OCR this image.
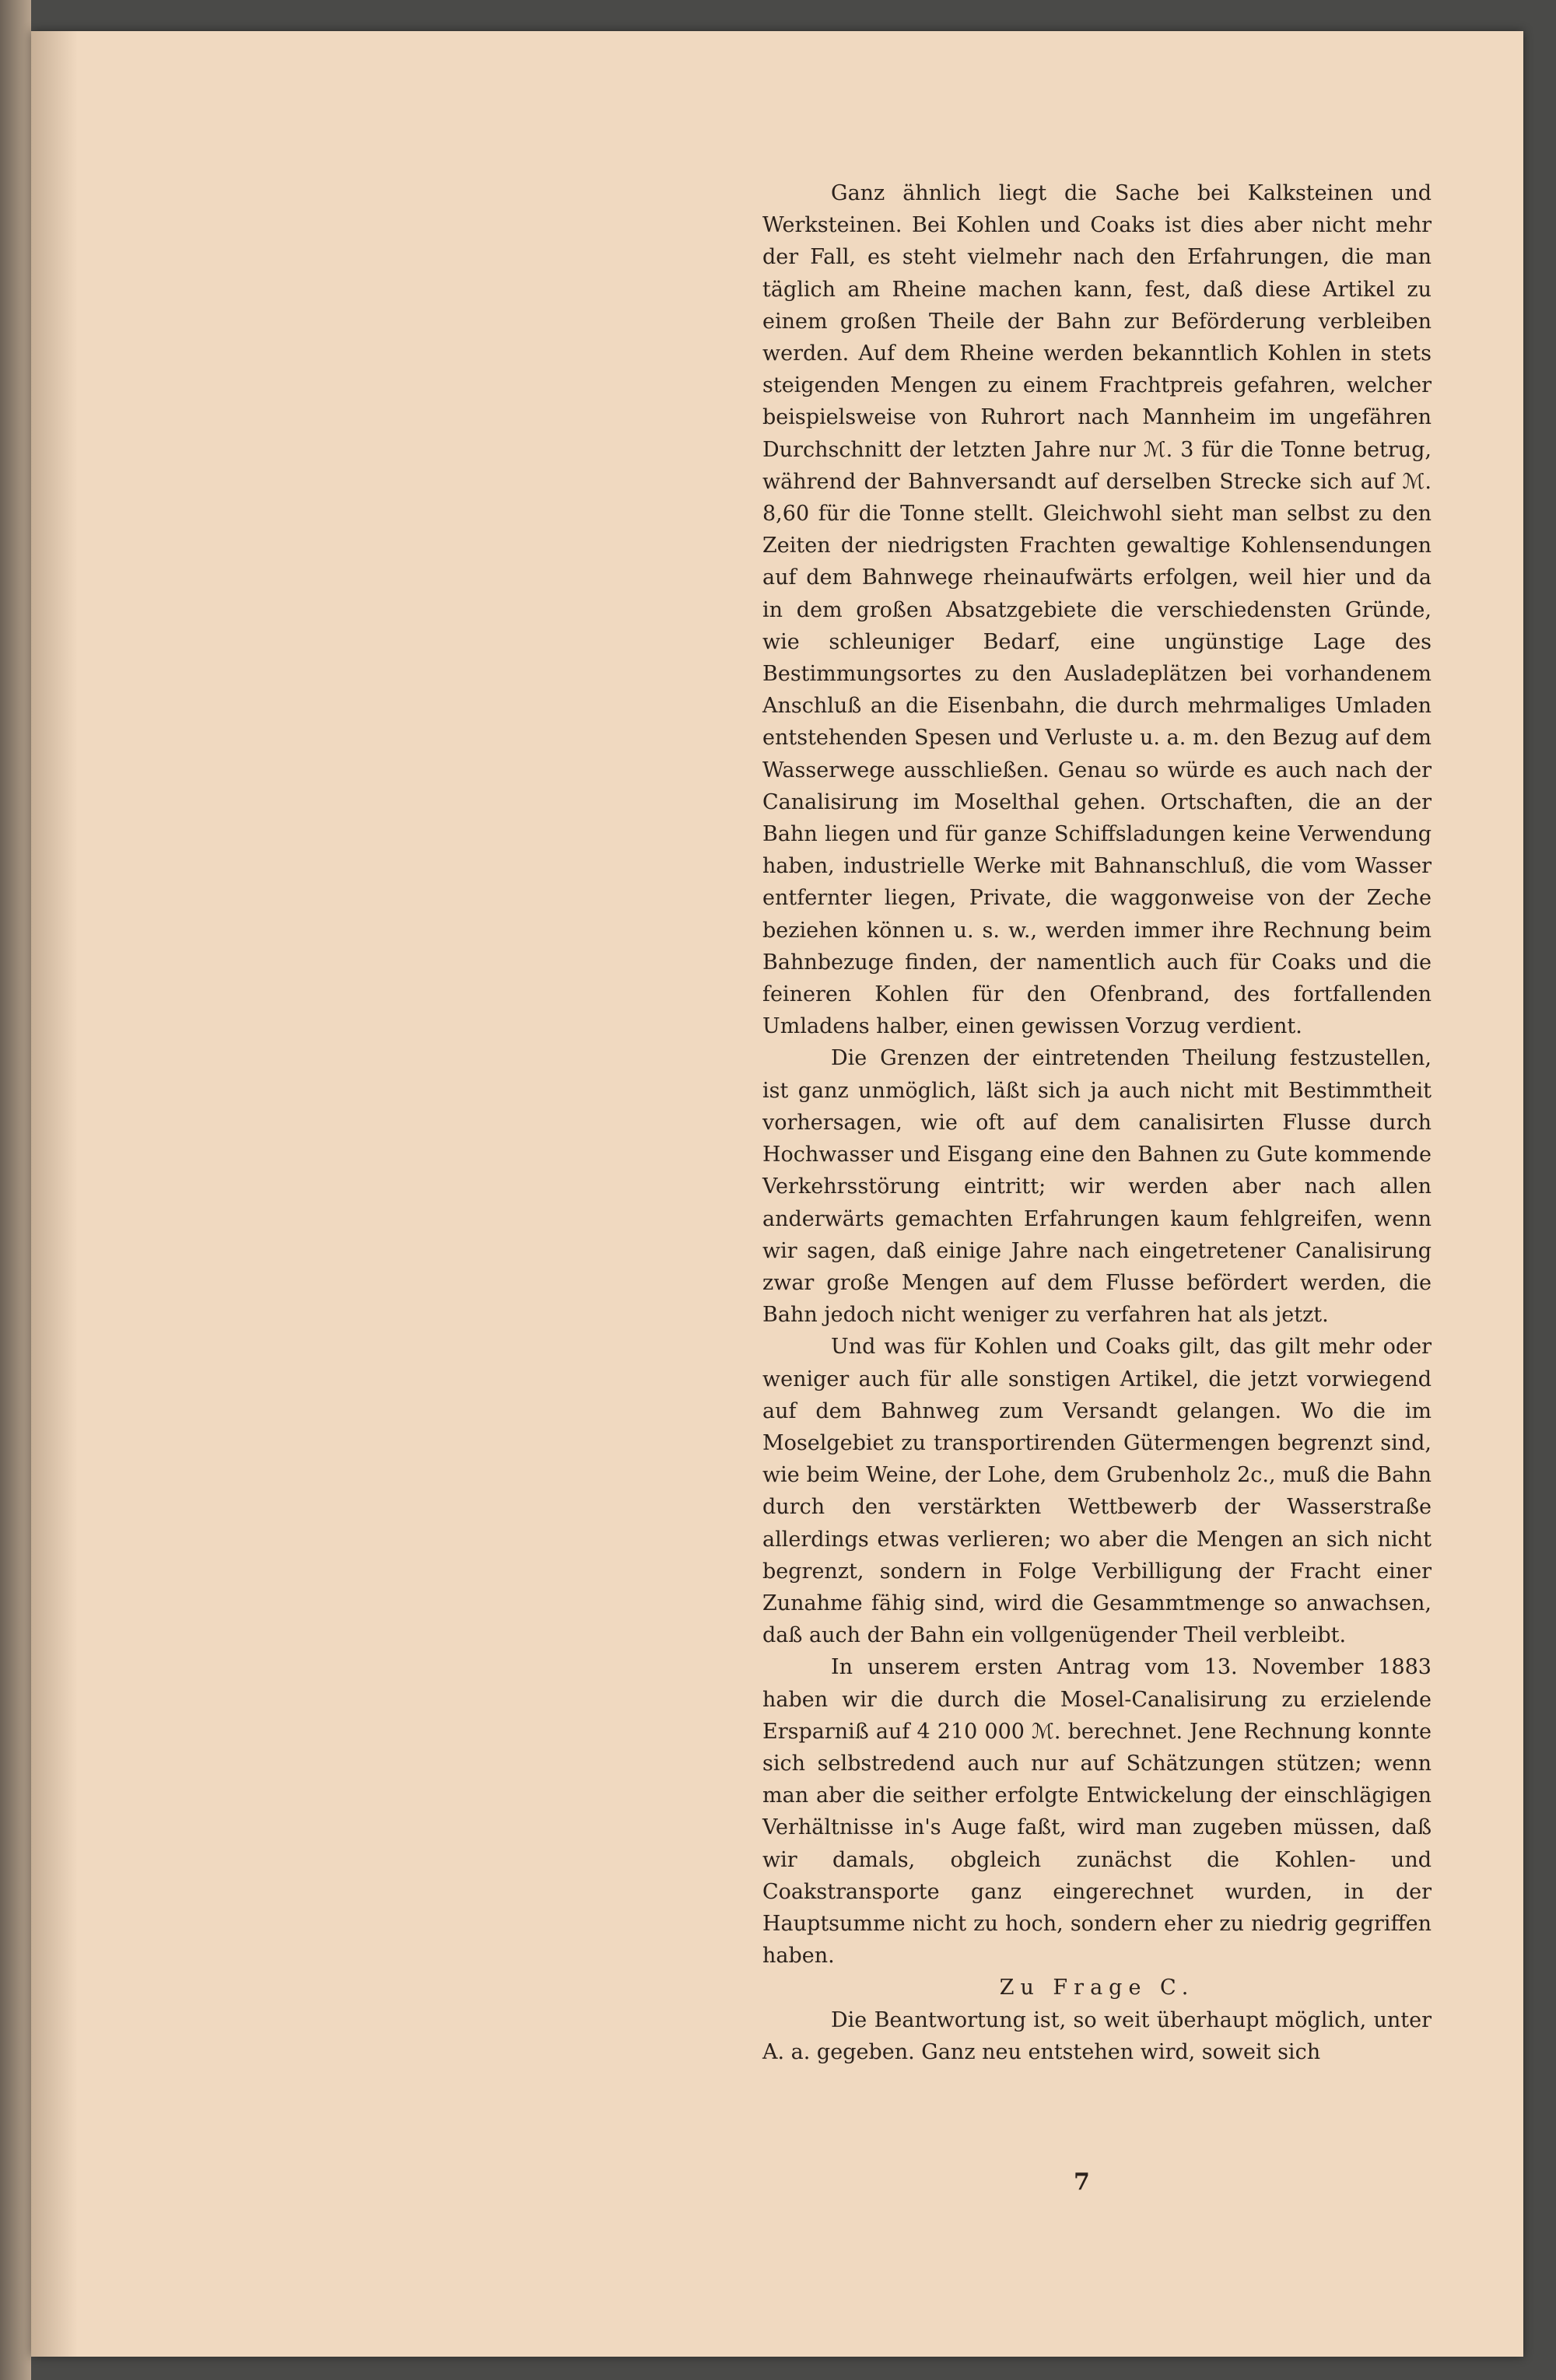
Ganz ähnlich liegt die Sache bei Kalksteinen und Werksteinen. Bei Kohlen und Coaks ist dies aber nicht mehr der Fall, es steht vielmehr nach den Erfahrungen, die man täglich am Rheine machen kann, fest, daß diese Artikel zu einem großen Theile der Bahn zur Beförderung verbleiben werden. Auf dem Rheine werden bekanntlich Kohlen in stets steigenden Mengen zu einem Frachtpreis gefahren, welcher beispielsweise von Ruhrort nach Mannheim im ungefähren Durchschnitt der letzten Jahre nur ℳ. 3 für die Tonne betrug, während der Bahnversandt auf derselben Strecke sich auf ℳ. 8,60 für die Tonne stellt. Gleichwohl sieht man selbst zu den Zeiten der niedrigsten Frachten gewaltige Kohlensendungen auf dem Bahnwege rheinaufwärts erfolgen, weil hier und da in dem großen Absatzgebiete die verschiedensten Gründe, wie schleuniger Bedarf, eine ungünstige Lage des Bestimmungsortes zu den Ausladeplätzen bei vorhandenem Anschluß an die Eisenbahn, die durch mehrmaliges Umladen entstehenden Spesen und Verluste u. a. m. den Bezug auf dem Wasserwege ausschließen. Genau so würde es auch nach der Canalisirung im Moselthal gehen. Ortschaften, die an der Bahn liegen und für ganze Schiffsladungen keine Verwendung haben, industrielle Werke mit Bahnanschluß, die vom Wasser entfernter liegen, Private, die waggonweise von der Zeche beziehen können u. s. w., werden immer ihre Rechnung beim Bahnbezuge finden, der namentlich auch für Coaks und die feineren Kohlen für den Ofenbrand, des fortfallenden Umladens halber, einen gewissen Vorzug verdient.

Die Grenzen der eintretenden Theilung festzustellen, ist ganz unmöglich, läßt sich ja auch nicht mit Bestimmtheit vorhersagen, wie oft auf dem canalisirten Flusse durch Hochwasser und Eisgang eine den Bahnen zu Gute kommende Verkehrsstörung eintritt; wir werden aber nach allen anderwärts gemachten Erfahrungen kaum fehlgreifen, wenn wir sagen, daß einige Jahre nach eingetretener Canalisirung zwar große Mengen auf dem Flusse befördert werden, die Bahn jedoch nicht weniger zu verfahren hat als jetzt.

Und was für Kohlen und Coaks gilt, das gilt mehr oder weniger auch für alle sonstigen Artikel, die jetzt vorwiegend auf dem Bahnweg zum Versandt gelangen. Wo die im Moselgebiet zu transportirenden Gütermengen begrenzt sind, wie beim Weine, der Lohe, dem Grubenholz 2c., muß die Bahn durch den verstärkten Wettbewerb der Wasserstraße allerdings etwas verlieren; wo aber die Mengen an sich nicht begrenzt, sondern in Folge Verbilligung der Fracht einer Zunahme fähig sind, wird die Gesammtmenge so anwachsen, daß auch der Bahn ein vollgenügender Theil verbleibt.

In unserem ersten Antrag vom 13. November 1883 haben wir die durch die Mosel-Canalisirung zu erzielende Ersparniß auf 4 210 000 ℳ. berechnet. Jene Rechnung konnte sich selbstredend auch nur auf Schätzungen stützen; wenn man aber die seither erfolgte Entwickelung der einschlägigen Verhältnisse in's Auge faßt, wird man zugeben müssen, daß wir damals, obgleich zunächst die Kohlen- und Coakstransporte ganz eingerechnet wurden, in der Hauptsumme nicht zu hoch, sondern eher zu niedrig gegriffen haben.

Zu Frage C.

Die Beantwortung ist, so weit überhaupt möglich, unter A. a. gegeben. Ganz neu entstehen wird, soweit sich

7
